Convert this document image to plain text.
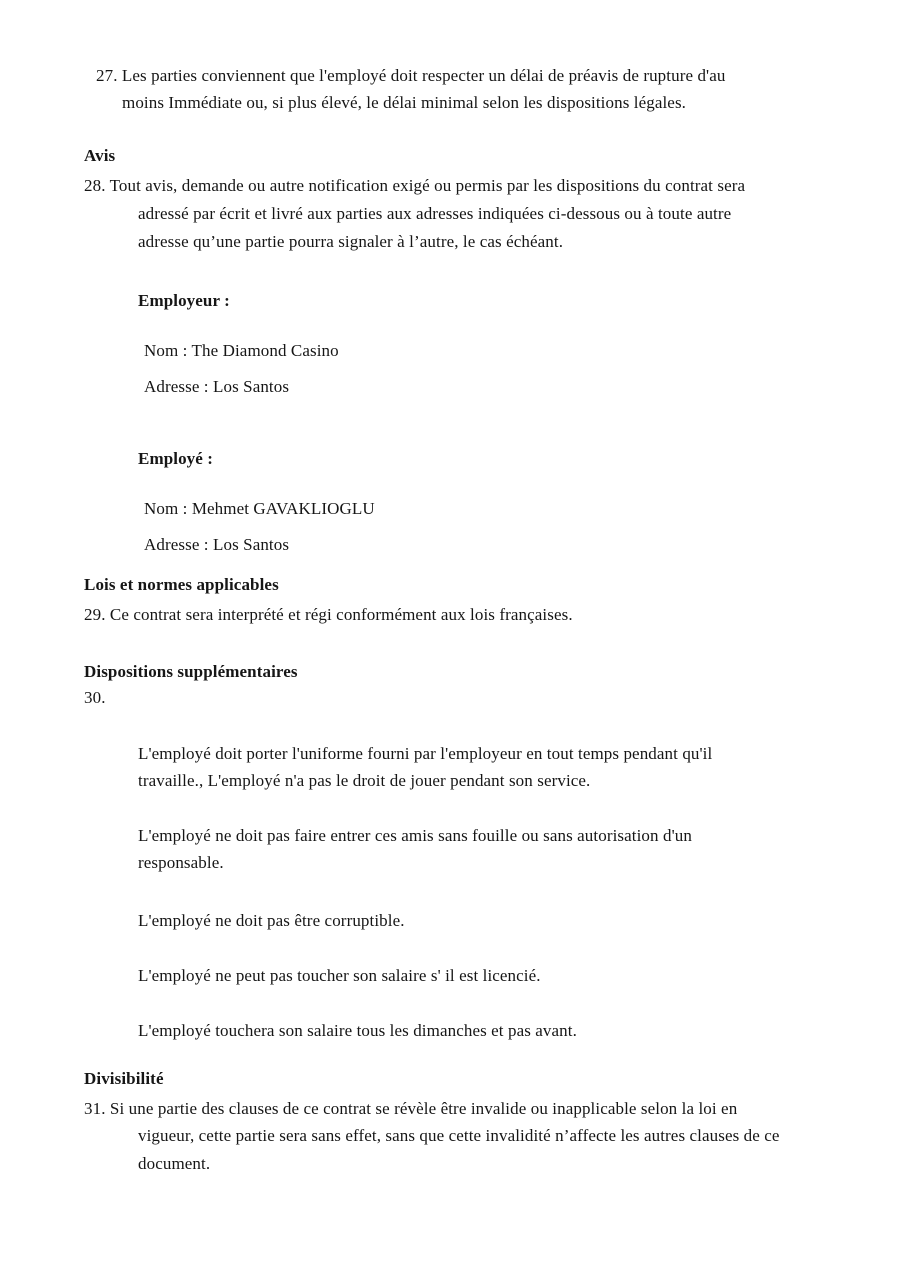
27. Les parties conviennent que l'employé doit respecter un délai de préavis de rupture d'au
moins Immédiate ou, si plus élevé, le délai minimal selon les dispositions légales.
Avis
28. Tout avis, demande ou autre notification exigé ou permis par les dispositions du contrat sera
adressé par écrit et livré aux parties aux adresses indiquées ci-dessous ou à toute autre
adresse qu’une partie pourra signaler à l’autre, le cas échéant.
Employeur :
Nom : The Diamond Casino
Adresse : Los Santos
Employé :
Nom : Mehmet GAVAKLIOGLU
Adresse : Los Santos
Lois et normes applicables
29. Ce contrat sera interprété et régi conformément aux lois françaises.
Dispositions supplémentaires
30.
L'employé doit porter l'uniforme fourni par l'employeur en tout temps pendant qu'il
travaille., L'employé n'a pas le droit de jouer pendant son service.
L'employé ne doit pas faire entrer ces amis sans fouille ou sans autorisation d'un
responsable.
L'employé ne doit pas être corruptible.
L'employé ne peut pas toucher son salaire s' il est licencié.
L'employé touchera son salaire tous les dimanches et pas avant.
Divisibilité
31. Si une partie des clauses de ce contrat se révèle être invalide ou inapplicable selon la loi en
vigueur, cette partie sera sans effet, sans que cette invalidité n’affecte les autres clauses de ce
document.
